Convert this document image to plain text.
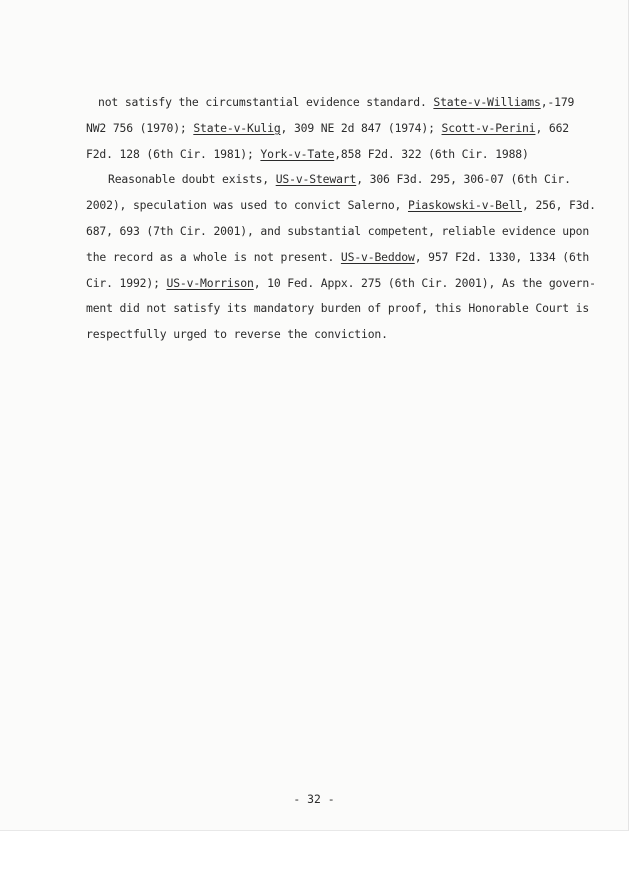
not satisfy the circumstantial evidence standard. State-v-Williams,-179
NW2 756 (1970); State-v-Kulig, 309 NE 2d 847 (1974); Scott-v-Perini, 662
F2d. 128 (6th Cir. 1981); York-v-Tate,858 F2d. 322 (6th Cir. 1988)
Reasonable doubt exists, US-v-Stewart, 306 F3d. 295, 306-07 (6th Cir.
2002), speculation was used to convict Salerno, Piaskowski-v-Bell, 256, F3d.
687, 693 (7th Cir. 2001), and substantial competent, reliable evidence upon
the record as a whole is not present. US-v-Beddow, 957 F2d. 1330, 1334 (6th
Cir. 1992); US-v-Morrison, 10 Fed. Appx. 275 (6th Cir. 2001), As the govern-
ment did not satisfy its mandatory burden of proof, this Honorable Court is
respectfully urged to reverse the conviction.
- 32 -
